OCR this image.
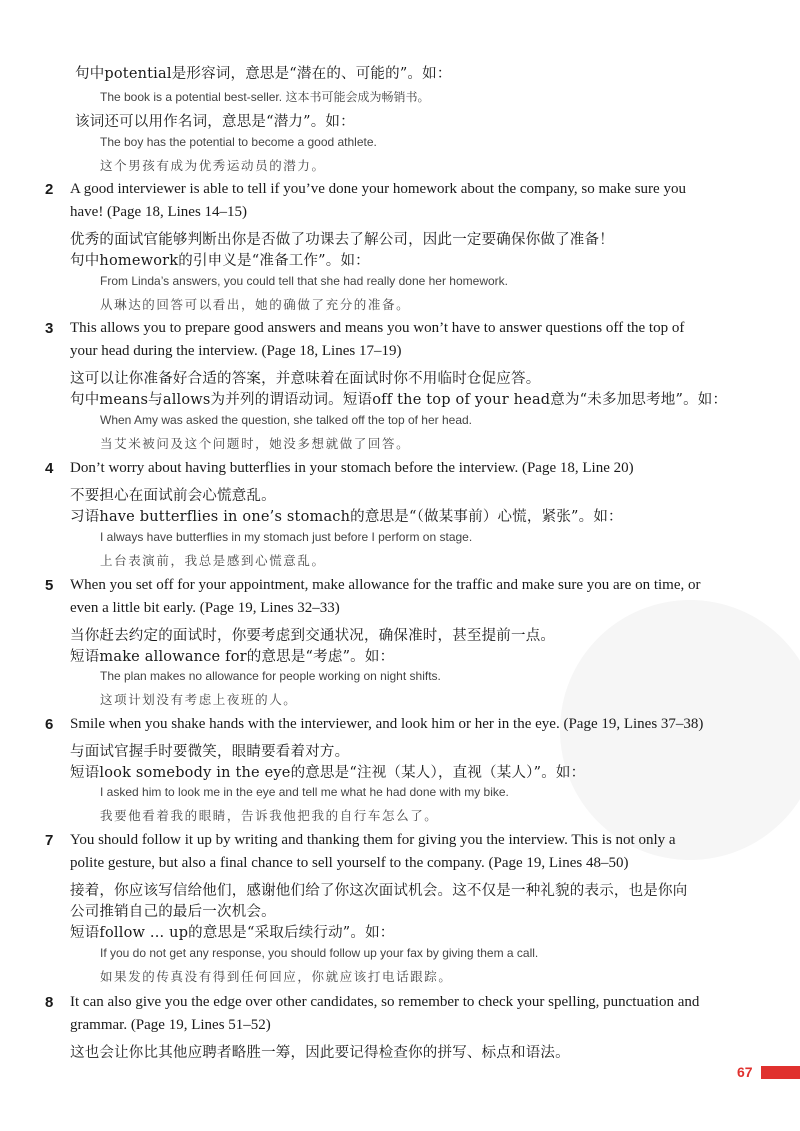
句中potential是形容词，意思是“潜在的、可能的”。如：
The book is a potential best-seller. 这本书可能会成为畅销书。
该词还可以用作名词，意思是“潜力”。如：
The boy has the potential to become a good athlete.
这个男孩有成为优秀运动员的潜力。
2 A good interviewer is able to tell if you’ve done your homework about the company, so make sure you
have! (Page 18, Lines 14–15)
优秀的面试官能够判断出你是否做了功课去了解公司，因此一定要确保你做了准备！
句中homework的引申义是“准备工作”。如：
From Linda’s answers, you could tell that she had really done her homework.
从琳达的回答可以看出，她的确做了充分的准备。
3 This allows you to prepare good answers and means you won’t have to answer questions off the top of
your head during the interview. (Page 18, Lines 17–19)
这可以让你准备好合适的答案，并意味着在面试时你不用临时仓促应答。
句中means与allows为并列的谓语动词。短语off the top of your head意为“未多加思考地”。如：
When Amy was asked the question, she talked off the top of her head.
当艾米被问及这个问题时，她没多想就做了回答。
4 Don’t worry about having butterflies in your stomach before the interview. (Page 18, Line 20)
不要担心在面试前会心慌意乱。
习语have butterflies in one’s stomach的意思是“（做某事前）心慌，紧张”。如：
I always have butterflies in my stomach just before I perform on stage.
上台表演前，我总是感到心慌意乱。
5 When you set off for your appointment, make allowance for the traffic and make sure you are on time, or
even a little bit early. (Page 19, Lines 32–33)
当你赶去约定的面试时，你要考虑到交通状况，确保准时，甚至提前一点。
短语make allowance for的意思是“考虑”。如：
The plan makes no allowance for people working on night shifts.
这项计划没有考虑上夜班的人。
6 Smile when you shake hands with the interviewer, and look him or her in the eye. (Page 19, Lines 37–38)
与面试官握手时要微笑，眼睛要看着对方。
短语look somebody in the eye的意思是“注视（某人），直视（某人）”。如：
I asked him to look me in the eye and tell me what he had done with my bike.
我要他看着我的眼睛，告诉我他把我的自行车怎么了。
7 You should follow it up by writing and thanking them for giving you the interview. This is not only a
polite gesture, but also a final chance to sell yourself to the company. (Page 19, Lines 48–50)
接着，你应该写信给他们，感谢他们给了你这次面试机会。这不仅是一种礼貌的表示，也是你向
公司推销自己的最后一次机会。
短语follow ... up的意思是“采取后续行动”。如：
If you do not get any response, you should follow up your fax by giving them a call.
如果发的传真没有得到任何回应，你就应该打电话跟踪。
8 It can also give you the edge over other candidates, so remember to check your spelling, punctuation and
grammar. (Page 19, Lines 51–52)
这也会让你比其他应聘者略胜一筹，因此要记得检查你的拼写、标点和语法。
67
